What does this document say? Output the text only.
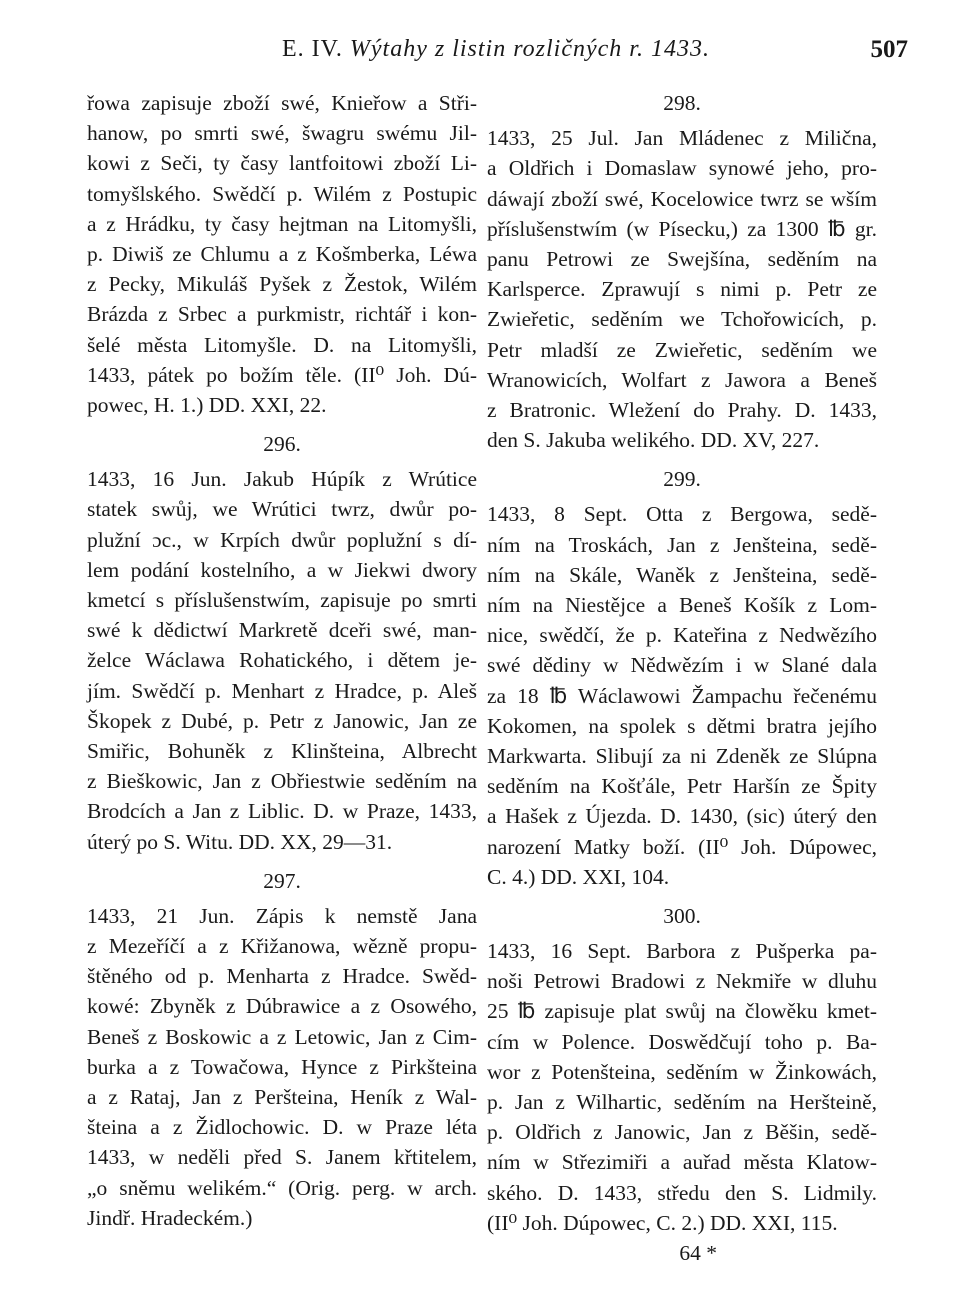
E. IV. Wýtahy z listin rozličných r. 1433.	507
řowa zapisuje zboží swé, Knieřow a Stři-
hanow, po smrti swé, šwagru swému Jil-
kowi z Seči, ty časy lantfoitowi zboží Li-
tomyšlského. Swědčí p. Wilém z Postupic
a z Hrádku, ty časy hejtman na Litomyšli,
p. Diwiš ze Chlumu a z Košmberka, Léwa
z Pecky, Mikuláš Pyšek z Žestok, Wilém
Brázda z Srbec a purkmistr, richtář i kon-
šelé města Litomyšle. D. na Litomyšli,
1433, pátek po božím těle. (II⁰ Joh. Dú-
powec, H. 1.) DD. XXI, 22.
296.
1433, 16 Jun. Jakub Húpík z Wrútice
statek swůj, we Wrútici twrz, dwůr po-
plužní ɔc., w Krpích dwůr poplužní s dí-
lem podání kostelního, a w Jiekwi dwory
kmetcí s příslušenstwím, zapisuje po smrti
swé k dědictwí Markretě dceři swé, man-
želce Wáclawa Rohatického, i dětem je-
jím. Swědčí p. Menhart z Hradce, p. Aleš
Škopek z Dubé, p. Petr z Janowic, Jan ze
Smiřic, Bohuněk z Klinšteina, Albrecht
z Bieškowic, Jan z Obřiestwie seděním na
Brodcích a Jan z Liblic. D. w Praze, 1433,
úterý po S. Witu. DD. XX, 29—31.
297.
1433, 21 Jun. Zápis k nemstě Jana
z Mezeříčí a z Křižanowa, wězně propu-
štěného od p. Menharta z Hradce. Swěd-
kowé: Zbyněk z Dúbrawice a z Osowého,
Beneš z Boskowic a z Letowic, Jan z Cim-
burka a z Towačowa, Hynce z Pirkšteina
a z Rataj, Jan z Peršteina, Heník z Wal-
šteina a z Židlochowic. D. w Praze léta
1433, w neděli před S. Janem křtitelem,
„o sněmu welikém.“ (Orig. perg. w arch.
Jindř. Hradeckém.)
298.
1433, 25 Jul. Jan Mládenec z Milična,
a Oldřich i Domaslaw synowé jeho, pro-
dáwají zboží swé, Kocelowice twrz se wším
příslušenstwím (w Písecku,) za 1300 ℔ gr.
panu Petrowi ze Swejšína, seděním na
Karlsperce. Zprawují s nimi p. Petr ze
Zwieřetic, seděním we Tchořowicích, p.
Petr mladší ze Zwieřetic, seděním we
Wranowicích, Wolfart z Jawora a Beneš
z Bratronic. Wležení do Prahy. D. 1433,
den S. Jakuba welikého. DD. XV, 227.
299.
1433, 8 Sept. Otta z Bergowa, sedě-
ním na Troskách, Jan z Jenšteina, sedě-
ním na Skále, Waněk z Jenšteina, sedě-
ním na Niestějce a Beneš Košík z Lom-
nice, swědčí, že p. Kateřina z Nedwězího
swé dědiny w Nědwězím i w Slané dala
za 18 ℔ Wáclawowi Žampachu řečenému
Kokomen, na spolek s dětmi bratra jejího
Markwarta. Slibují za ni Zdeněk ze Slúpna
seděním na Košťále, Petr Haršín ze Špity
a Hašek z Újezda. D. 1430, (sic) úterý den
narození Matky boží. (II⁰ Joh. Dúpowec,
C. 4.) DD. XXI, 104.
300.
1433, 16 Sept. Barbora z Pušperka pa-
noši Petrowi Bradowi z Nekmiře w dluhu
25 ℔ zapisuje plat swůj na člowěku kmet-
cím w Polence. Doswědčují toho p. Ba-
wor z Potenšteina, seděním w Žinkowách,
p. Jan z Wilhartic, seděním na Heršteině,
p. Oldřich z Janowic, Jan z Běšin, sedě-
ním w Střezimiři a auřad města Klatow-
ského. D. 1433, středu den S. Lidmily.
(II⁰ Joh. Dúpowec, C. 2.) DD. XXI, 115.
64 *
